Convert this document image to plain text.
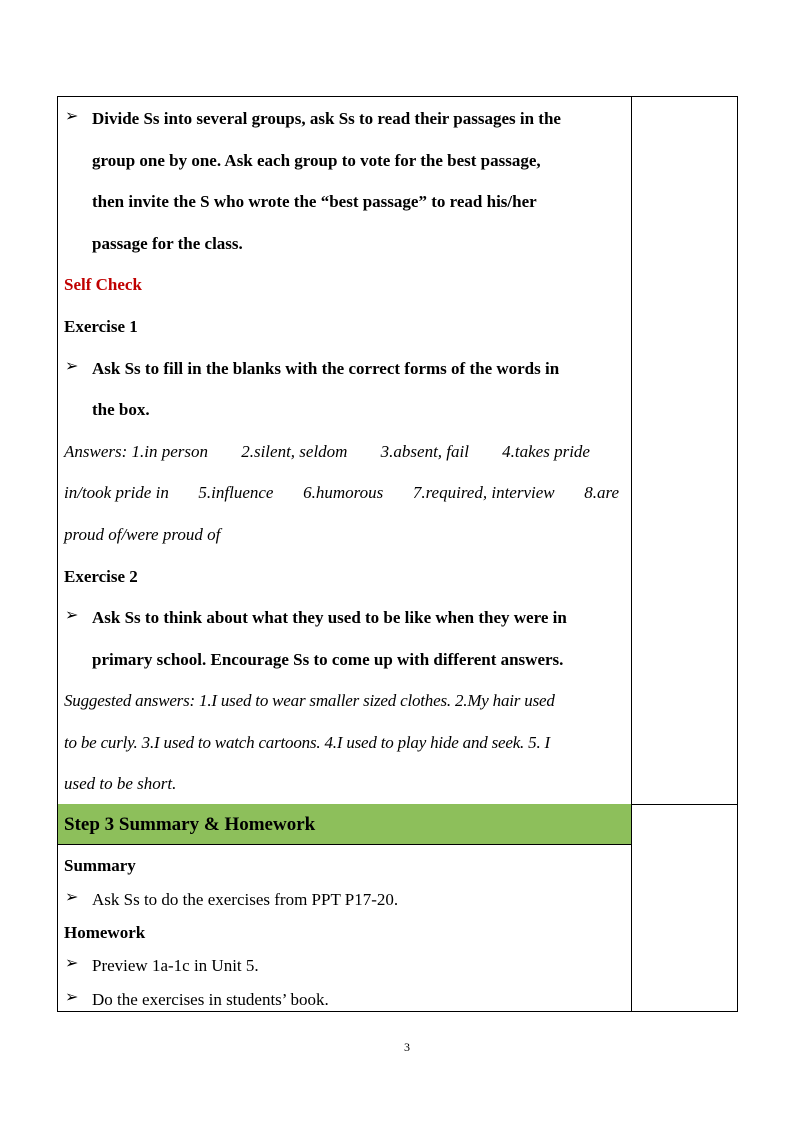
➢ Divide Ss into several groups, ask Ss to read their passages in the
group one by one. Ask each group to vote for the best passage,
then invite the S who wrote the “best passage” to read his/her
passage for the class.
Self Check
Exercise 1
➢ Ask Ss to fill in the blanks with the correct forms of the words in
the box.
Answers: 1.in person 2.silent, seldom 3.absent, fail 4.takes pride
in/took pride in 5.influence 6.humorous 7.required, interview 8.are
proud of/were proud of
Exercise 2
➢ Ask Ss to think about what they used to be like when they were in
primary school. Encourage Ss to come up with different answers.
Suggested answers: 1.I used to wear smaller sized clothes. 2.My hair used
to be curly. 3.I used to watch cartoons. 4.I used to play hide and seek. 5. I
used to be short.
Step 3 Summary & Homework
Summary
➢ Ask Ss to do the exercises from PPT P17-20.
Homework
➢ Preview 1a-1c in Unit 5.
➢ Do the exercises in students’ book.
3
